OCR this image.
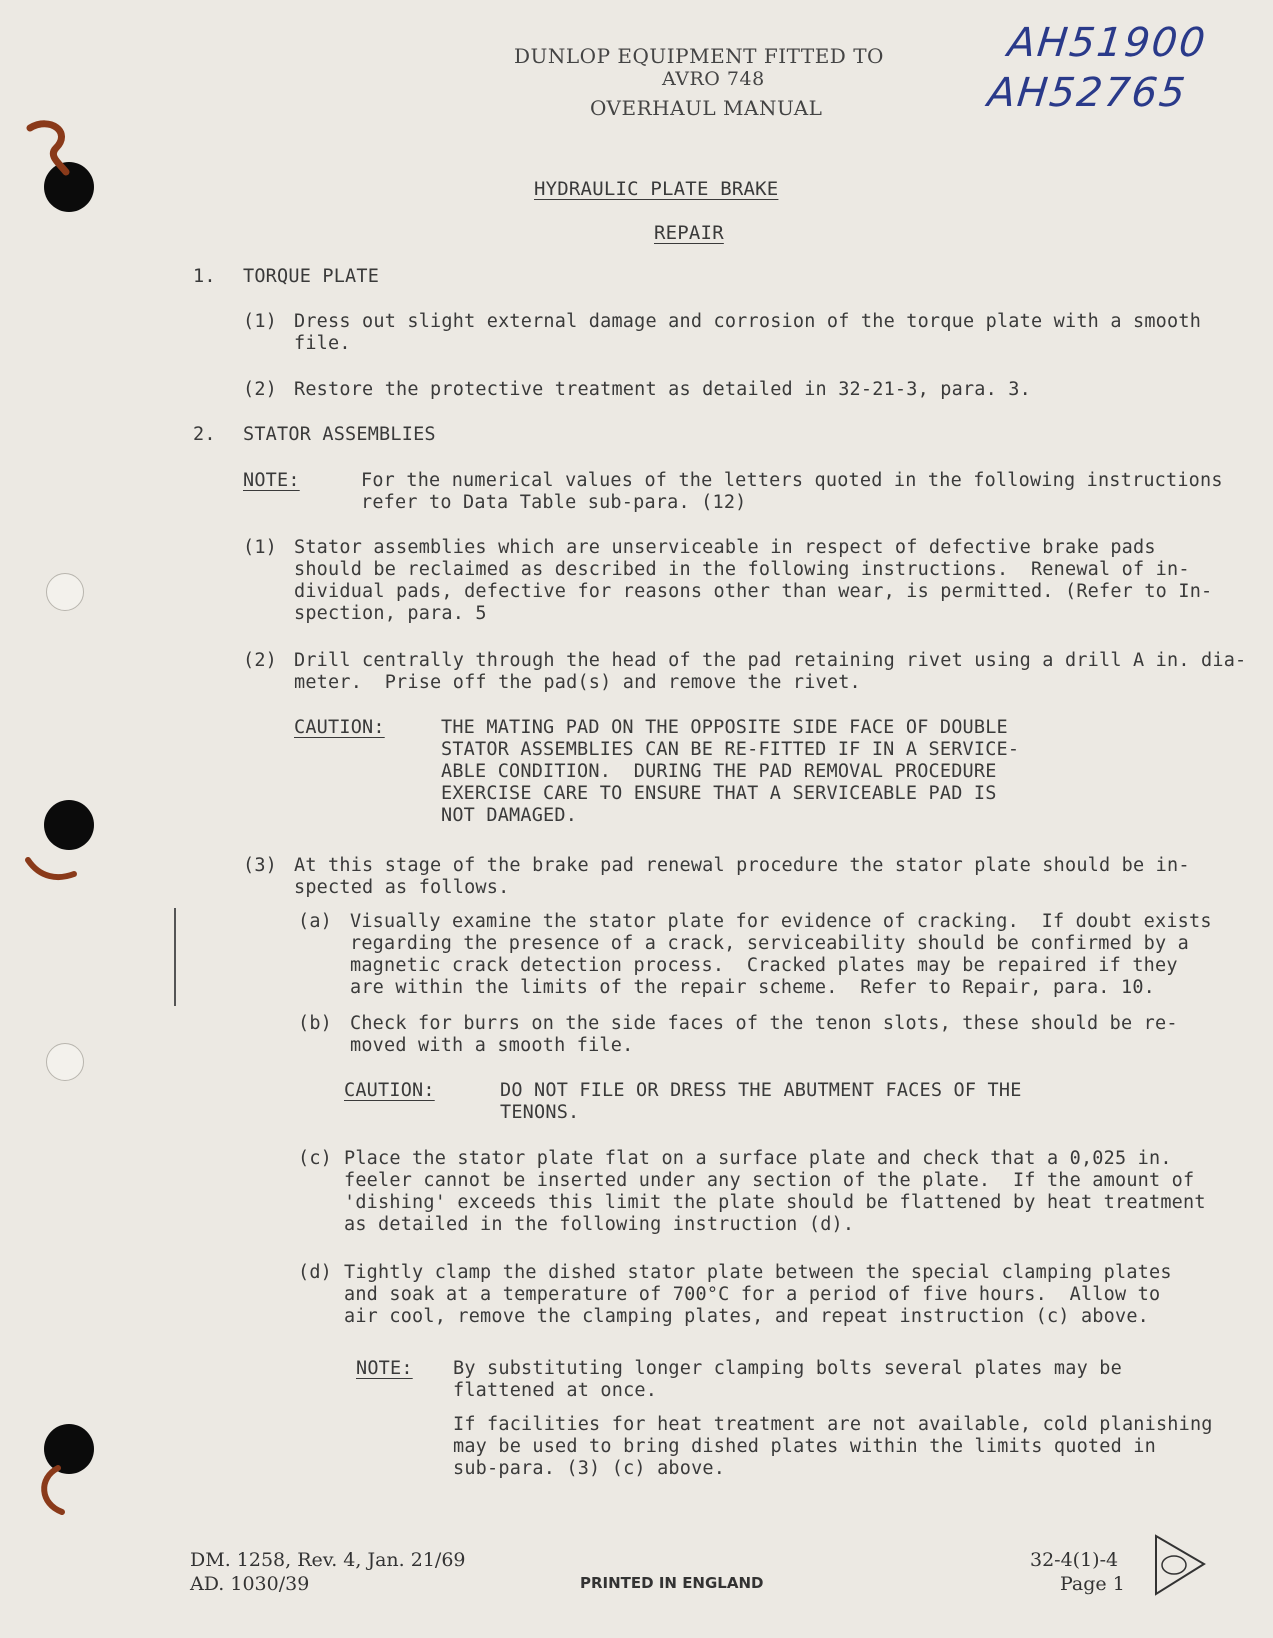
DUNLOP EQUIPMENT FITTED TO
AVRO 748
OVERHAUL MANUAL
AH51900
AH52765
HYDRAULIC PLATE BRAKE
REPAIR
1. TORQUE PLATE
(1) Dress out slight external damage and corrosion of the torque plate with a smooth
file.
(2) Restore the protective treatment as detailed in 32-21-3, para. 3.
2. STATOR ASSEMBLIES
NOTE:	For the numerical values of the letters quoted in the following instructions
refer to Data Table sub-para. (12)
(1) Stator assemblies which are unserviceable in respect of defective brake pads
should be reclaimed as described in the following instructions.  Renewal of in-
dividual pads, defective for reasons other than wear, is permitted. (Refer to In-
spection, para. 5
(2) Drill centrally through the head of the pad retaining rivet using a drill A in. dia-
meter.  Prise off the pad(s) and remove the rivet.
CAUTION:	THE MATING PAD ON THE OPPOSITE SIDE FACE OF DOUBLE
STATOR ASSEMBLIES CAN BE RE-FITTED IF IN A SERVICE-
ABLE CONDITION.  DURING THE PAD REMOVAL PROCEDURE
EXERCISE CARE TO ENSURE THAT A SERVICEABLE PAD IS
NOT DAMAGED.
(3) At this stage of the brake pad renewal procedure the stator plate should be in-
spected as follows.
(a) Visually examine the stator plate for evidence of cracking.  If doubt exists
regarding the presence of a crack, serviceability should be confirmed by a
magnetic crack detection process.  Cracked plates may be repaired if they
are within the limits of the repair scheme.  Refer to Repair, para. 10.
(b) Check for burrs on the side faces of the tenon slots, these should be re-
moved with a smooth file.
CAUTION:	DO NOT FILE OR DRESS THE ABUTMENT FACES OF THE
TENONS.
(c) Place the stator plate flat on a surface plate and check that a 0,025 in.
feeler cannot be inserted under any section of the plate.  If the amount of
'dishing' exceeds this limit the plate should be flattened by heat treatment
as detailed in the following instruction (d).
(d) Tightly clamp the dished stator plate between the special clamping plates
and soak at a temperature of 700°C for a period of five hours.  Allow to
air cool, remove the clamping plates, and repeat instruction (c) above.
NOTE: By substituting longer clamping bolts several plates may be
flattened at once.
If facilities for heat treatment are not available, cold planishing
may be used to bring dished plates within the limits quoted in
sub-para. (3) (c) above.
DM. 1258, Rev. 4, Jan. 21/69
AD. 1030/39	PRINTED IN ENGLAND
32-4(1)-4
Page 1
